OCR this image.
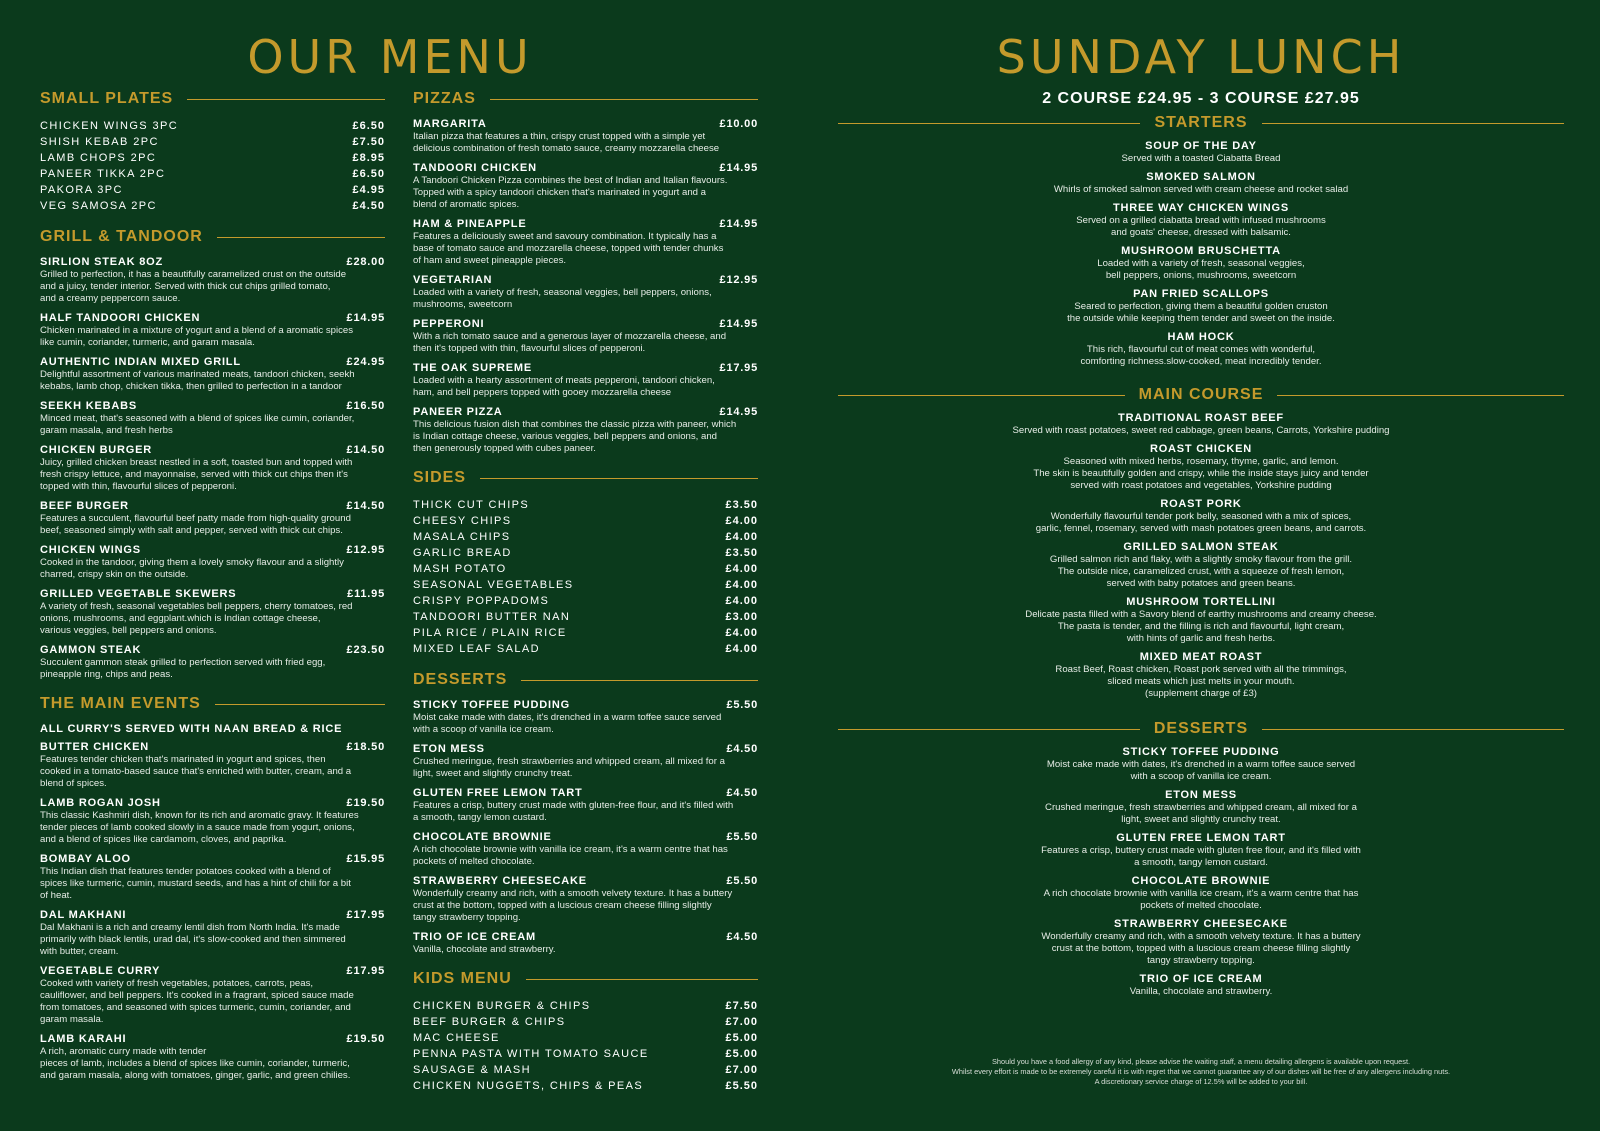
OUR MENU	SUNDAY LUNCH
SMALL PLATES
CHICKEN WINGS 3PC	£6.50
SHISH KEBAB 2PC	£7.50
LAMB CHOPS 2PC	£8.95
PANEER TIKKA 2PC	£6.50
PAKORA 3PC	£4.95
VEG SAMOSA 2PC	£4.50
GRILL & TANDOOR
SIRLION STEAK 8OZ	£28.00
Grilled to perfection, it has a beautifully caramelized crust on the outside
and a juicy, tender interior. Served with thick cut chips grilled tomato,
and a creamy peppercorn sauce.
HALF TANDOORI CHICKEN	£14.95
Chicken marinated in a mixture of yogurt and a blend of a aromatic spices
like cumin, coriander, turmeric, and garam masala.
AUTHENTIC INDIAN MIXED GRILL	£24.95
Delightful assortment of various marinated meats, tandoori chicken, seekh
kebabs, lamb chop, chicken tikka, then grilled to perfection in a tandoor
SEEKH KEBABS	£16.50
Minced meat, that's seasoned with a blend of spices like cumin, coriander,
garam masala, and fresh herbs
CHICKEN BURGER	£14.50
Juicy, grilled chicken breast nestled in a soft, toasted bun and topped with
fresh crispy lettuce, and mayonnaise, served with thick cut chips then it's
topped with thin, flavourful slices of pepperoni.
BEEF BURGER	£14.50
Features a succulent, flavourful beef patty made from high-quality ground
beef, seasoned simply with salt and pepper, served with thick cut chips.
CHICKEN WINGS	£12.95
Cooked in the tandoor, giving them a lovely smoky flavour and a slightly
charred, crispy skin on the outside.
GRILLED VEGETABLE SKEWERS	£11.95
A variety of fresh, seasonal vegetables bell peppers, cherry tomatoes, red
onions, mushrooms, and eggplant.which is Indian cottage cheese,
various veggies, bell peppers and onions.
GAMMON STEAK	£23.50
Succulent gammon steak grilled to perfection served with fried egg,
pineapple ring, chips and peas.
THE MAIN EVENTS
ALL CURRY'S SERVED WITH NAAN BREAD & RICE
BUTTER CHICKEN	£18.50
Features tender chicken that's marinated in yogurt and spices, then
cooked in a tomato-based sauce that's enriched with butter, cream, and a
blend of spices.
LAMB ROGAN JOSH	£19.50
This classic Kashmiri dish, known for its rich and aromatic gravy. It features
tender pieces of lamb cooked slowly in a sauce made from yogurt, onions,
and a blend of spices like cardamom, cloves, and paprika.
BOMBAY ALOO	£15.95
This Indian dish that features tender potatoes cooked with a blend of
spices like turmeric, cumin, mustard seeds, and has a hint of chili for a bit
of heat.
DAL MAKHANI	£17.95
Dal Makhani is a rich and creamy lentil dish from North India. It's made
primarily with black lentils, urad dal, it's slow-cooked and then simmered
with butter, cream.
VEGETABLE CURRY	£17.95
Cooked with variety of fresh vegetables, potatoes, carrots, peas,
cauliflower, and bell peppers. It's cooked in a fragrant, spiced sauce made
from tomatoes, and seasoned with spices turmeric, cumin, coriander, and
garam masala.
LAMB KARAHI	£19.50
A rich, aromatic curry made with tender
pieces of lamb, includes a blend of spices like cumin, coriander, turmeric,
and garam masala, along with tomatoes, ginger, garlic, and green chilies.
PIZZAS
MARGARITA	£10.00
Italian pizza that features a thin, crispy crust topped with a simple yet
delicious combination of fresh tomato sauce, creamy mozzarella cheese
TANDOORI CHICKEN	£14.95
A Tandoori Chicken Pizza combines the best of Indian and Italian flavours.
Topped with a spicy tandoori chicken that's marinated in yogurt and a
blend of aromatic spices.
HAM & PINEAPPLE	£14.95
Features a deliciously sweet and savoury combination. It typically has a
base of tomato sauce and mozzarella cheese, topped with tender chunks
of ham and sweet pineapple pieces.
VEGETARIAN	£12.95
Loaded with a variety of fresh, seasonal veggies, bell peppers, onions,
mushrooms, sweetcorn
PEPPERONI	£14.95
With a rich tomato sauce and a generous layer of mozzarella cheese, and
then it's topped with thin, flavourful slices of pepperoni.
THE OAK SUPREME	£17.95
Loaded with a hearty assortment of meats pepperoni, tandoori chicken,
ham, and bell peppers topped with gooey mozzarella cheese
PANEER PIZZA	£14.95
This delicious fusion dish that combines the classic pizza with paneer, which
is Indian cottage cheese, various veggies, bell peppers and onions, and
then generously topped with cubes paneer.
SIDES
THICK CUT CHIPS	£3.50
CHEESY CHIPS	£4.00
MASALA CHIPS	£4.00
GARLIC BREAD	£3.50
MASH POTATO	£4.00
SEASONAL VEGETABLES	£4.00
CRISPY POPPADOMS	£4.00
TANDOORI BUTTER NAN	£3.00
PILA RICE / PLAIN RICE	£4.00
MIXED LEAF SALAD	£4.00
DESSERTS
STICKY TOFFEE PUDDING	£5.50
Moist cake made with dates, it's drenched in a warm toffee sauce served
with a scoop of vanilla ice cream.
ETON MESS	£4.50
Crushed meringue, fresh strawberries and whipped cream, all mixed for a
light, sweet and slightly crunchy treat.
GLUTEN FREE LEMON TART	£4.50
Features a crisp, buttery crust made with gluten-free flour, and it's filled with
a smooth, tangy lemon custard.
CHOCOLATE BROWNIE	£5.50
A rich chocolate brownie with vanilla ice cream, it's a warm centre that has
pockets of melted chocolate.
STRAWBERRY CHEESECAKE	£5.50
Wonderfully creamy and rich, with a smooth velvety texture. It has a buttery
crust at the bottom, topped with a luscious cream cheese filling slightly
tangy strawberry topping.
TRIO OF ICE CREAM	£4.50
Vanilla, chocolate and strawberry.
KIDS MENU
CHICKEN BURGER & CHIPS	£7.50
BEEF BURGER & CHIPS	£7.00
MAC CHEESE	£5.00
PENNA PASTA WITH TOMATO SAUCE	£5.00
SAUSAGE & MASH	£7.00
CHICKEN NUGGETS, CHIPS & PEAS	£5.50
2 COURSE £24.95 - 3 COURSE £27.95
STARTERS
SOUP OF THE DAY
Served with a toasted Ciabatta Bread
SMOKED SALMON
Whirls of smoked salmon served with cream cheese and rocket salad
THREE WAY CHICKEN WINGS
Served on a grilled ciabatta bread with infused mushrooms
and goats' cheese, dressed with balsamic.
MUSHROOM BRUSCHETTA
Loaded with a variety of fresh, seasonal veggies,
bell peppers, onions, mushrooms, sweetcorn
PAN FRIED SCALLOPS
Seared to perfection, giving them a beautiful golden cruston
the outside while keeping them tender and sweet on the inside.
HAM HOCK
This rich, flavourful cut of meat comes with wonderful,
comforting richness.slow-cooked, meat incredibly tender.
MAIN COURSE
TRADITIONAL ROAST BEEF
Served with roast potatoes, sweet red cabbage, green beans, Carrots, Yorkshire pudding
ROAST CHICKEN
Seasoned with mixed herbs, rosemary, thyme, garlic, and lemon.
The skin is beautifully golden and crispy, while the inside stays juicy and tender
served with roast potatoes and vegetables, Yorkshire pudding
ROAST PORK
Wonderfully flavourful tender pork belly, seasoned with a mix of spices,
garlic, fennel, rosemary, served with mash potatoes green beans, and carrots.
GRILLED SALMON STEAK
Grilled salmon rich and flaky, with a slightly smoky flavour from the grill.
The outside nice, caramelized crust, with a squeeze of fresh lemon,
served with baby potatoes and green beans.
MUSHROOM TORTELLINI
Delicate pasta filled with a Savory blend of earthy mushrooms and creamy cheese.
The pasta is tender, and the filling is rich and flavourful, light cream,
with hints of garlic and fresh herbs.
MIXED MEAT ROAST
Roast Beef, Roast chicken, Roast pork served with all the trimmings,
sliced meats which just melts in your mouth.
(supplement charge of £3)
DESSERTS
STICKY TOFFEE PUDDING
Moist cake made with dates, it's drenched in a warm toffee sauce served
with a scoop of vanilla ice cream.
ETON MESS
Crushed meringue, fresh strawberries and whipped cream, all mixed for a
light, sweet and slightly crunchy treat.
GLUTEN FREE LEMON TART
Features a crisp, buttery crust made with gluten free flour, and it's filled with
a smooth, tangy lemon custard.
CHOCOLATE BROWNIE
A rich chocolate brownie with vanilla ice cream, it's a warm centre that has
pockets of melted chocolate.
STRAWBERRY CHEESECAKE
Wonderfully creamy and rich, with a smooth velvety texture. It has a buttery
crust at the bottom, topped with a luscious cream cheese filling slightly
tangy strawberry topping.
TRIO OF ICE CREAM
Vanilla, chocolate and strawberry.
Should you have a food allergy of any kind, please advise the waiting staff, a menu detailing allergens is available upon request.
Whilst every effort is made to be extremely careful it is with regret that we cannot guarantee any of our dishes will be free of any allergens including nuts.
A discretionary service charge of 12.5% will be added to your bill.
